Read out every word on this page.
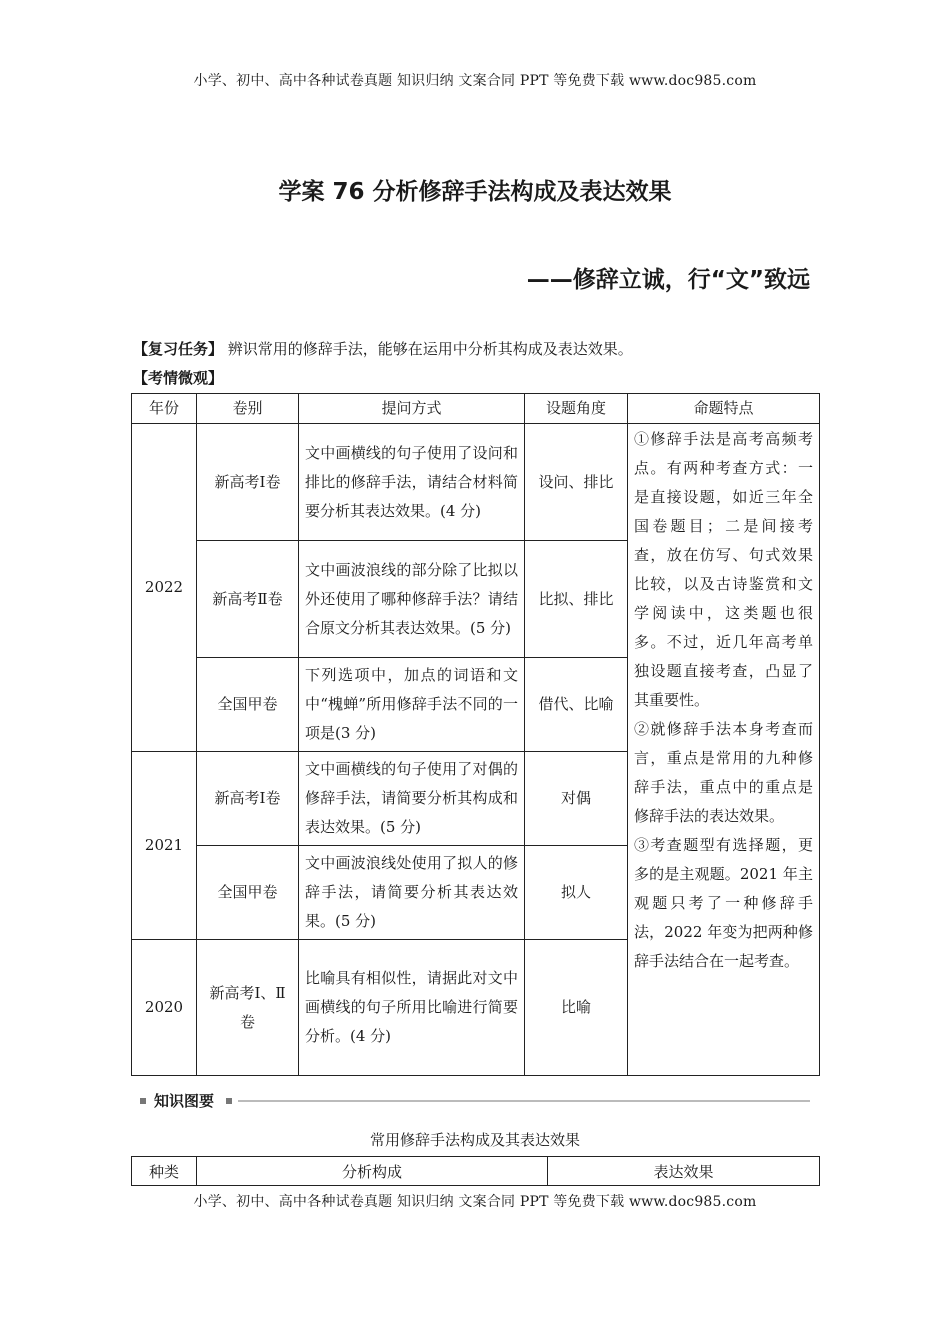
小学、初中、高中各种试卷真题 知识归纳 文案合同 PPT 等免费下载 www.doc985.com
学案 76 分析修辞手法构成及表达效果
——修辞立诚，行“文”致远
【复习任务】 辨识常用的修辞手法，能够在运用中分析其构成及表达效果。
【考情微观】
年份	卷别	提问方式	设题角度	命题特点
2022	新高考Ⅰ卷	文中画横线的句子使用了设问和排比的修辞手法，请结合材料简要分析其表达效果。(4 分)	设问、排比	①修辞手法是高考高频考点。有两种考查方式：一是直接设题，如近三年全国卷题目；二是间接考查，放在仿写、句式效果比较，以及古诗鉴赏和文学阅读中，这类题也很多。不过，近几年高考单独设题直接考查，凸显了其重要性。
②就修辞手法本身考查而言，重点是常用的九种修辞手法，重点中的重点是修辞手法的表达效果。
③考查题型有选择题，更多的是主观题。2021 年主观题只考了一种修辞手法，2022 年变为把两种修辞手法结合在一起考查。

	新高考Ⅱ卷	文中画波浪线的部分除了比拟以外还使用了哪种修辞手法？请结合原文分析其表达效果。(5 分)	比拟、排比	
	全国甲卷	下列选项中，加点的词语和文中“槐蝉”所用修辞手法不同的一项是(3 分)	借代、比喻	
2021	新高考Ⅰ卷	文中画横线的句子使用了对偶的修辞手法，请简要分析其构成和表达效果。(5 分)	对偶	
	全国甲卷	文中画波浪线处使用了拟人的修辞手法，请简要分析其表达效果。(5 分)	拟人	
2020	新高考Ⅰ、Ⅱ卷	比喻具有相似性，请据此对文中画横线的句子所用比喻进行简要分析。(4 分)	比喻	
知识图要
常用修辞手法构成及其表达效果
种类	分析构成	表达效果
小学、初中、高中各种试卷真题 知识归纳 文案合同 PPT 等免费下载 www.doc985.com
